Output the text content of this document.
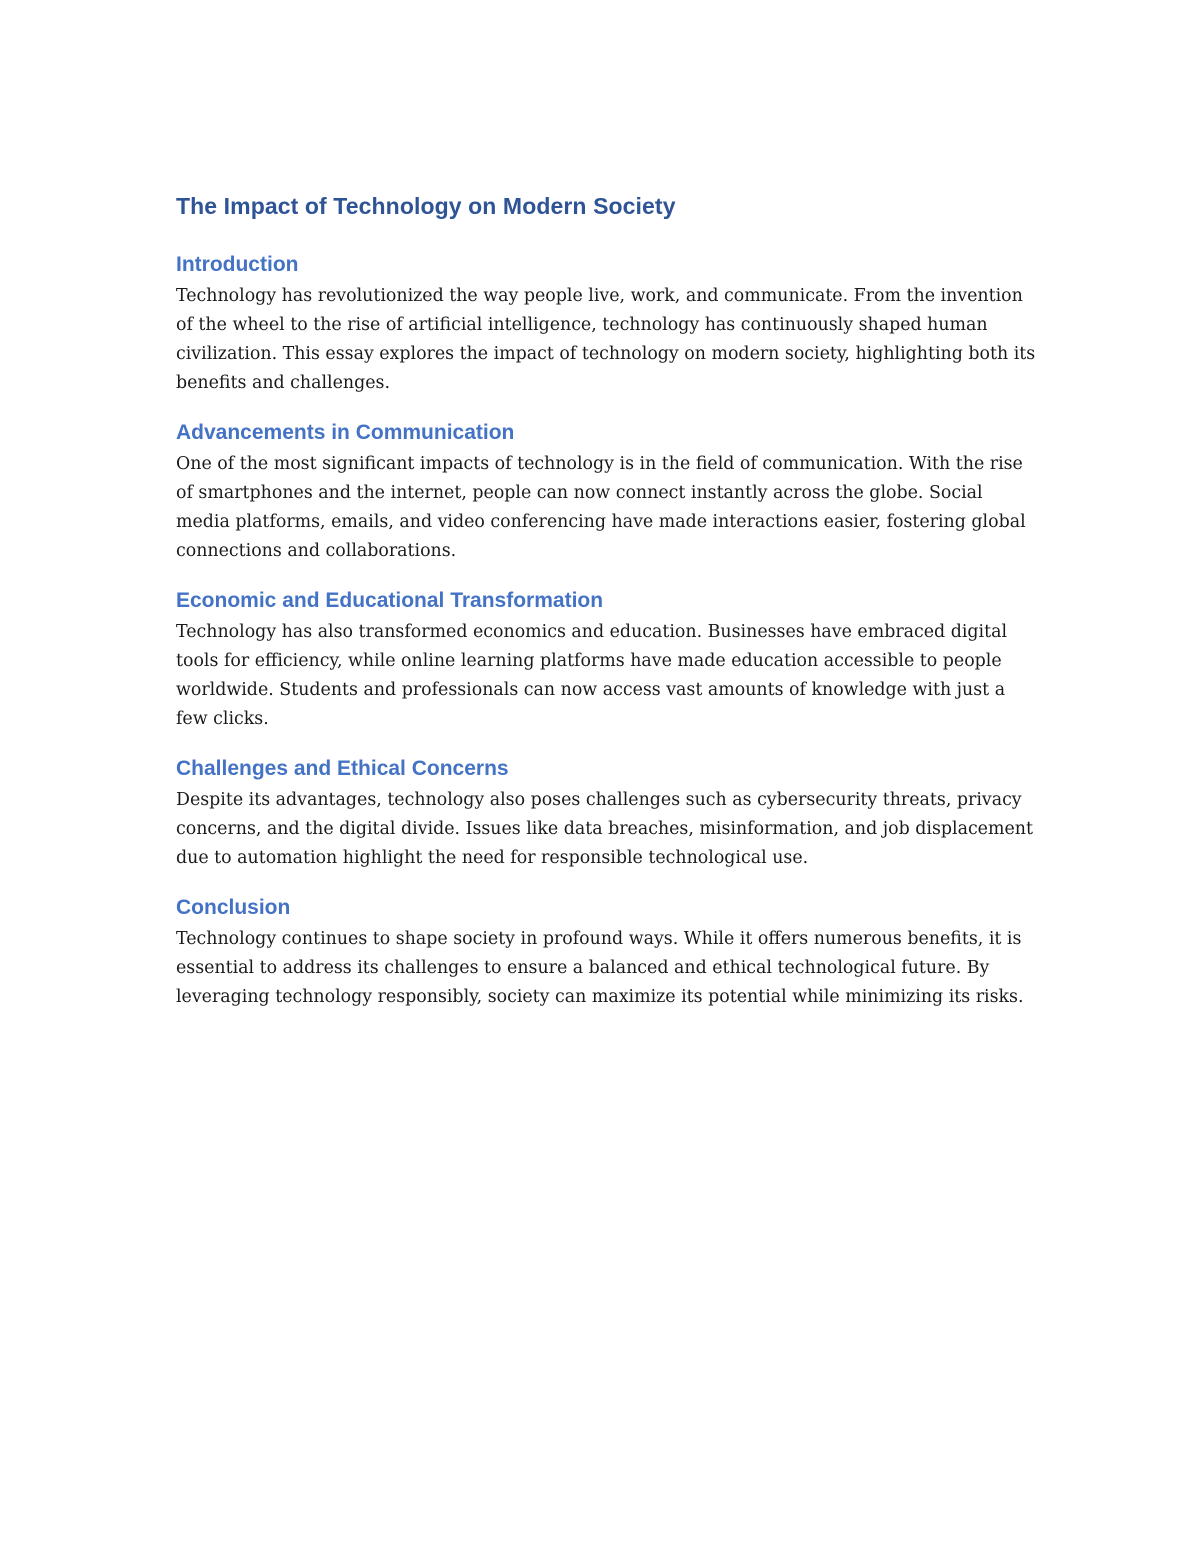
The Impact of Technology on Modern Society
Introduction

Technology has revolutionized the way people live, work, and communicate. From the invention of the wheel to the rise of artificial intelligence, technology has continuously shaped human civilization. This essay explores the impact of technology on modern society, highlighting both its benefits and challenges.

Advancements in Communication

One of the most significant impacts of technology is in the field of communication. With the rise of smartphones and the internet, people can now connect instantly across the globe. Social media platforms, emails, and video conferencing have made interactions easier, fostering global connections and collaborations.

Economic and Educational Transformation

Technology has also transformed economics and education. Businesses have embraced digital tools for efficiency, while online learning platforms have made education accessible to people worldwide. Students and professionals can now access vast amounts of knowledge with just a few clicks.

Challenges and Ethical Concerns

Despite its advantages, technology also poses challenges such as cybersecurity threats, privacy concerns, and the digital divide. Issues like data breaches, misinformation, and job displacement due to automation highlight the need for responsible technological use.

Conclusion

Technology continues to shape society in profound ways. While it offers numerous benefits, it is essential to address its challenges to ensure a balanced and ethical technological future. By leveraging technology responsibly, society can maximize its potential while minimizing its risks.
